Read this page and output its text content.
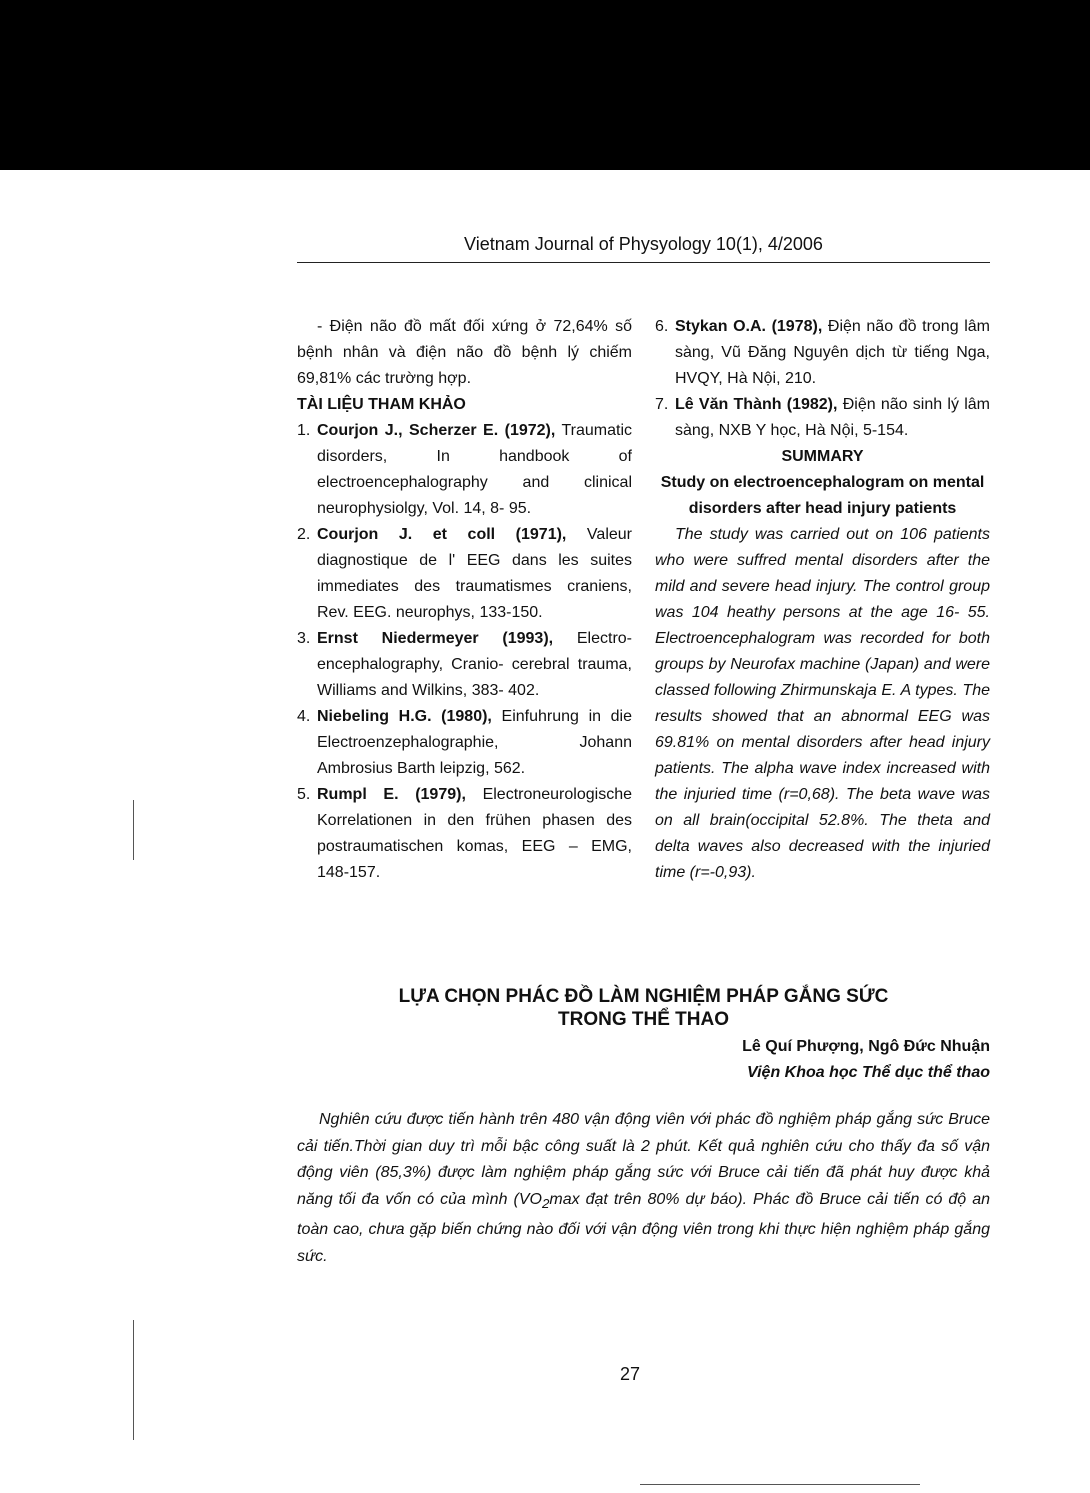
Vietnam Journal of Physyology 10(1), 4/2006

- Điện não đồ mất đối xứng ở 72,64% số bệnh nhân và điện não đồ bệnh lý chiếm 69,81% các trường hợp.

TÀI LIỆU THAM KHẢO

1. Courjon J., Scherzer E. (1972), Traumatic disorders, In handbook of electroencephalography and clinical neurophysiolgy, Vol. 14, 8- 95.
2. Courjon J. et coll (1971), Valeur diagnostique de l' EEG dans les suites immediates des traumatismes craniens, Rev. EEG. neurophys, 133-150.
3. Ernst Niedermeyer (1993), Electro-encephalography, Cranio- cerebral trauma, Williams and Wilkins, 383- 402.
4. Niebeling H.G. (1980), Einfuhrung in die Electroenzephalographie, Johann Ambrosius Barth leipzig, 562.
5. Rumpl E. (1979), Electroneurologische Korrelationen in den frühen phasen des postraumatischen komas, EEG – EMG, 148-157.
6. Stykan O.A. (1978), Điện não đồ trong lâm sàng, Vũ Đăng Nguyên dịch từ tiếng Nga, HVQY, Hà Nội, 210.
7. Lê Văn Thành (1982), Điện não sinh lý lâm sàng, NXB Y học, Hà Nội, 5-154.

SUMMARY

Study on electroencephalogram on mental disorders after head injury patients

The study was carried out on 106 patients who were suffred mental disorders after the mild and severe head injury. The control group was 104 heathy persons at the age 16- 55. Electroencephalogram was recorded for both groups by Neurofax machine (Japan) and were classed following Zhirmunskaja E. A types. The results showed that an abnormal EEG was 69.81% on mental disorders after head injury patients. The alpha wave index increased with the injuried time (r=0,68). The beta wave was on all brain(occipital 52.8%. The theta and delta waves also decreased with the injuried time (r=-0,93).

LỰA CHỌN PHÁC ĐỒ LÀM NGHIỆM PHÁP GẮNG SỨC
TRONG THỂ THAO
Lê Quí Phượng, Ngô Đức Nhuận
Viện Khoa học Thể dục thể thao
Nghiên cứu được tiến hành trên 480 vận động viên với phác đồ nghiệm pháp gắng sức Bruce cải tiến.Thời gian duy trì mỗi bậc công suất là 2 phút. Kết quả nghiên cứu cho thấy đa số vận động viên (85,3%) được làm nghiệm pháp gắng sức với Bruce cải tiến đã phát huy được khả năng tối đa vốn có của mình ($VO_2\max$ đạt trên 80% dự báo). Phác đồ Bruce cải tiến có độ an toàn cao, chưa gặp biến chứng nào đối với vận động viên trong khi thực hiện nghiệm pháp gắng sức.
27
